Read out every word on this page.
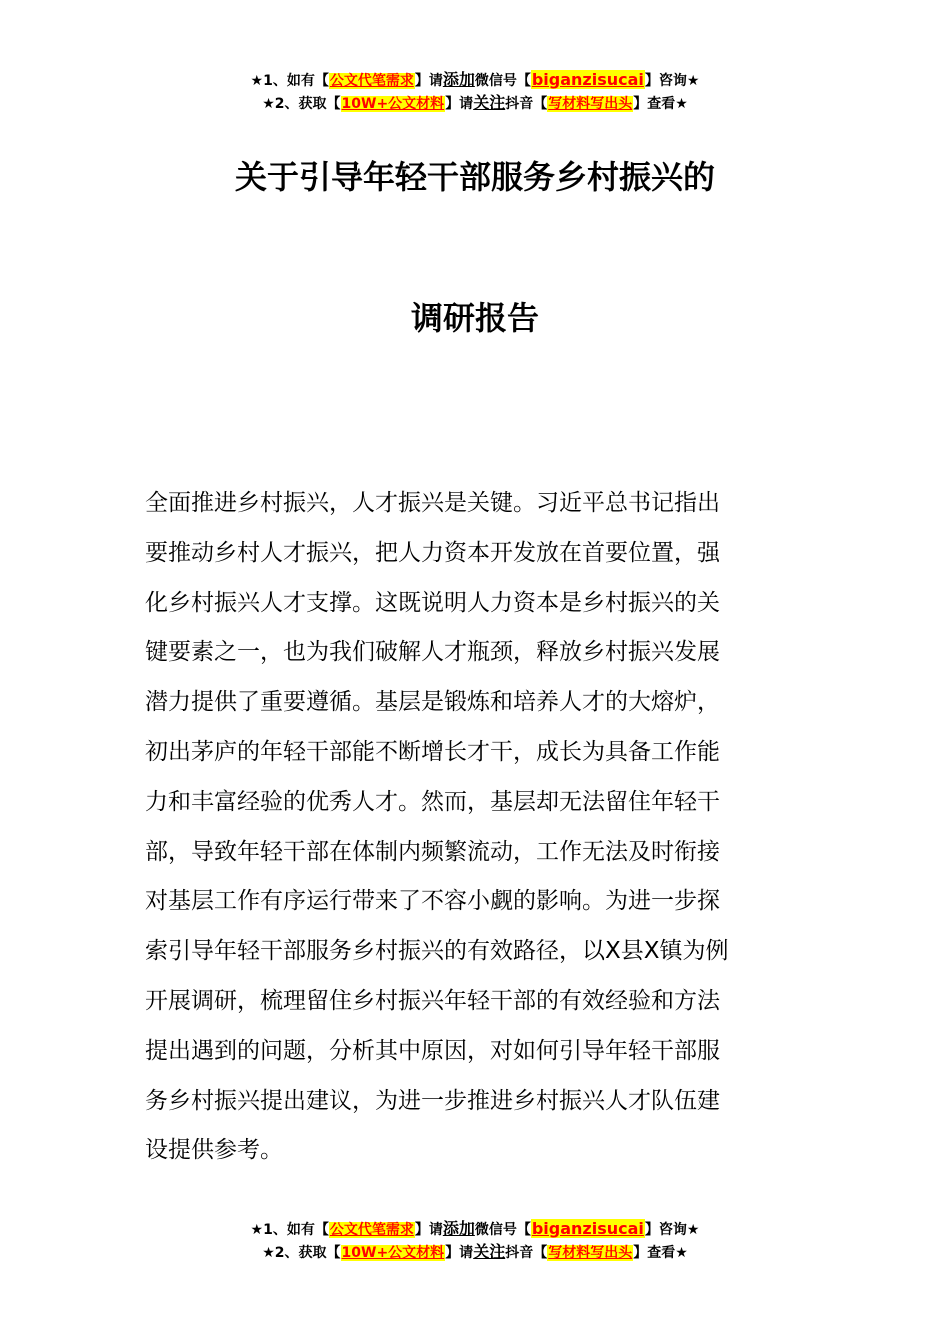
★1、如有【公文代笔需求】请添加微信号【biganzisucai】咨询★
★2、获取【10W+公文材料】请关注抖音【写材料写出头】查看★
关于引导年轻干部服务乡村振兴的
调研报告
全面推进乡村振兴，人才振兴是关键。习近平总书记指出
要推动乡村人才振兴，把人力资本开发放在首要位置，强
化乡村振兴人才支撑。这既说明人力资本是乡村振兴的关
键要素之一，也为我们破解人才瓶颈，释放乡村振兴发展
潜力提供了重要遵循。基层是锻炼和培养人才的大熔炉，
初出茅庐的年轻干部能不断增长才干，成长为具备工作能
力和丰富经验的优秀人才。然而，基层却无法留住年轻干
部，导致年轻干部在体制内频繁流动，工作无法及时衔接
对基层工作有序运行带来了不容小觑的影响。为进一步探
索引导年轻干部服务乡村振兴的有效路径，以X县X镇为例
开展调研，梳理留住乡村振兴年轻干部的有效经验和方法
提出遇到的问题，分析其中原因，对如何引导年轻干部服
务乡村振兴提出建议，为进一步推进乡村振兴人才队伍建
设提供参考。
★1、如有【公文代笔需求】请添加微信号【biganzisucai】咨询★
★2、获取【10W+公文材料】请关注抖音【写材料写出头】查看★
